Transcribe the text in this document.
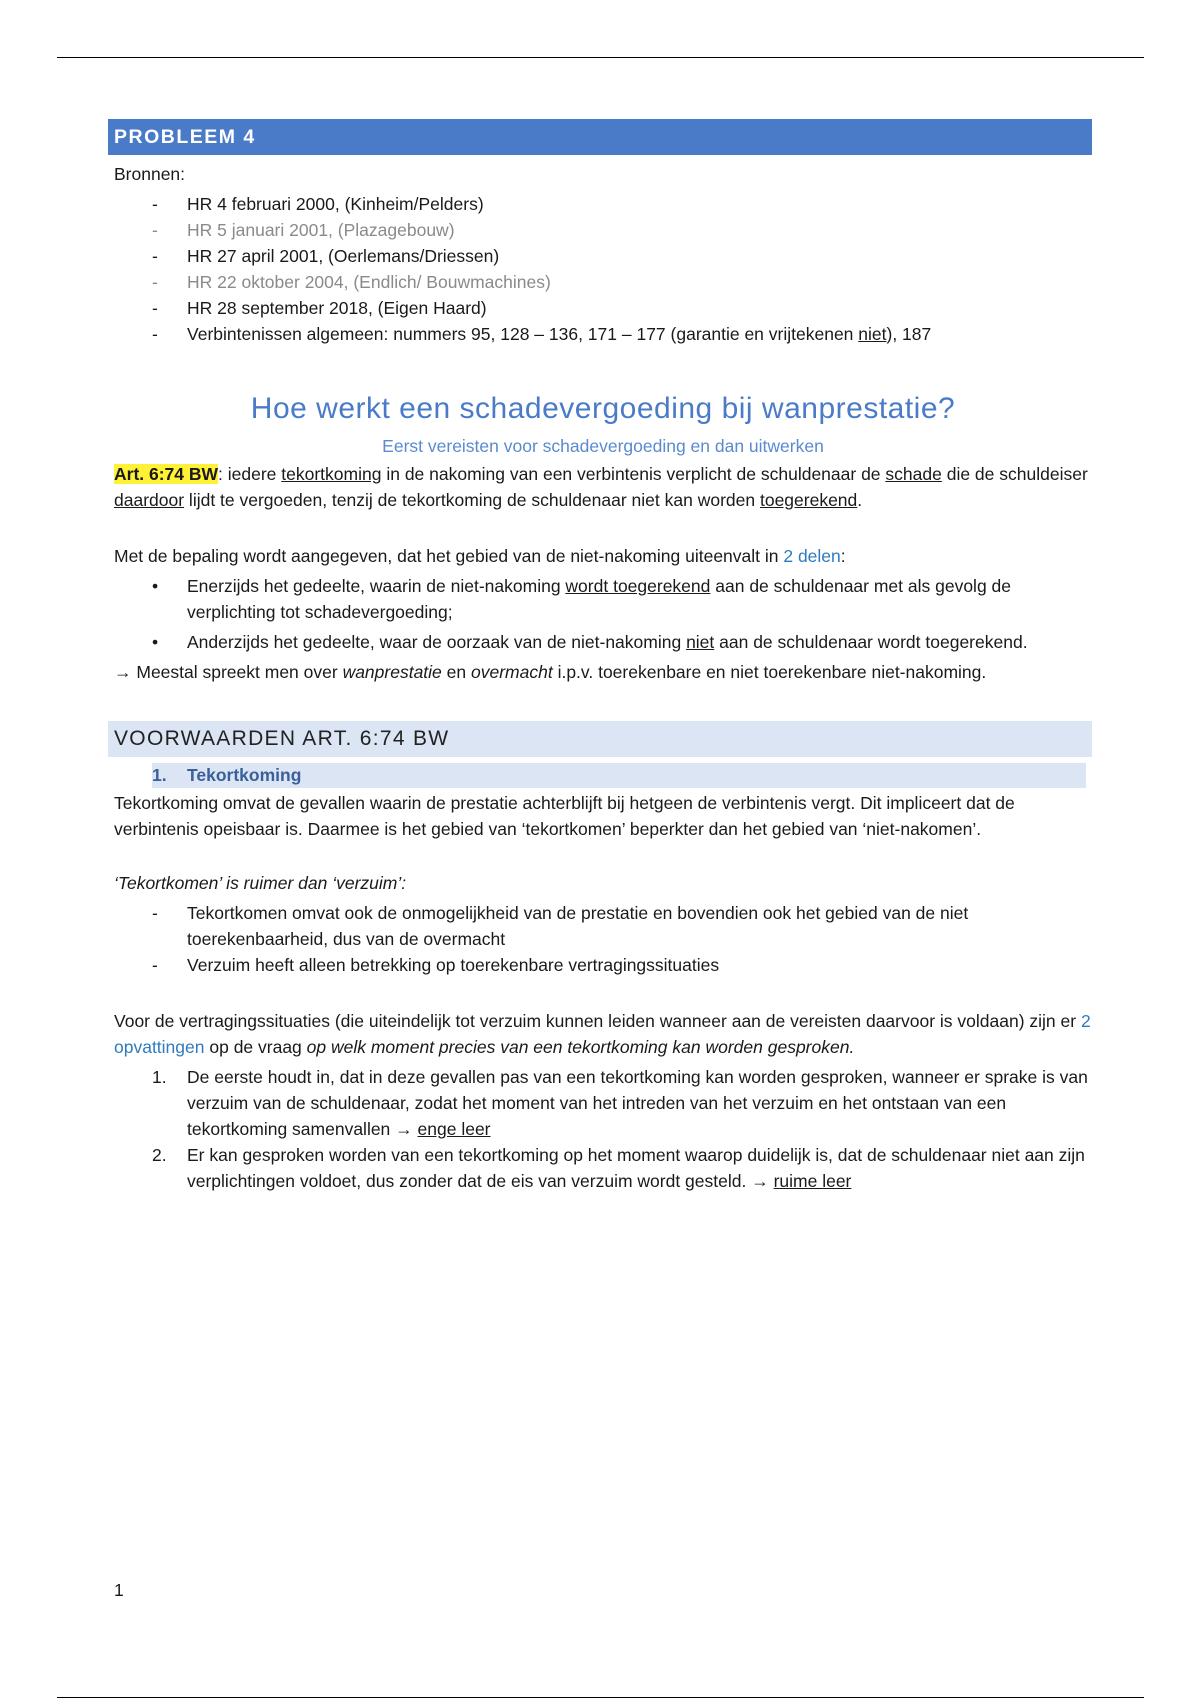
PROBLEEM 4

Bronnen:

- HR 4 februari 2000, (Kinheim/Pelders)
- HR 5 januari 2001, (Plazagebouw)
- HR 27 april 2001, (Oerlemans/Driessen)
- HR 22 oktober 2004, (Endlich/ Bouwmachines)
- HR 28 september 2018, (Eigen Haard)
- Verbintenissen algemeen: nummers 95, 128 – 136, 171 – 177 (garantie en vrijtekenen niet), 187
Hoe werkt een schadevergoeding bij wanprestatie?
Eerst vereisten voor schadevergoeding en dan uitwerken

Art. 6:74 BW: iedere tekortkoming in de nakoming van een verbintenis verplicht de schuldenaar de schade die de schuldeiser daardoor lijdt te vergoeden, tenzij de tekortkoming de schuldenaar niet kan worden toegerekend.

Met de bepaling wordt aangegeven, dat het gebied van de niet-nakoming uiteenvalt in 2 delen:

• Enerzijds het gedeelte, waarin de niet-nakoming wordt toegerekend aan de schuldenaar met als gevolg de verplichting tot schadevergoeding;
• Anderzijds het gedeelte, waar de oorzaak van de niet-nakoming niet aan de schuldenaar wordt toegerekend.

→ Meestal spreekt men over wanprestatie en overmacht i.p.v. toerekenbare en niet toerekenbare niet-nakoming.

VOORWAARDEN ART. 6:74 BW
1. Tekortkoming

Tekortkoming omvat de gevallen waarin de prestatie achterblijft bij hetgeen de verbintenis vergt. Dit impliceert dat de verbintenis opeisbaar is. Daarmee is het gebied van ‘tekortkomen’ beperkter dan het gebied van ‘niet-nakomen’.

‘Tekortkomen’ is ruimer dan ‘verzuim’:

- Tekortkomen omvat ook de onmogelijkheid van de prestatie en bovendien ook het gebied van de niet toerekenbaarheid, dus van de overmacht
- Verzuim heeft alleen betrekking op toerekenbare vertragingssituaties

Voor de vertragingssituaties (die uiteindelijk tot verzuim kunnen leiden wanneer aan de vereisten daarvoor is voldaan) zijn er 2 opvattingen op de vraag op welk moment precies van een tekortkoming kan worden gesproken.

1. De eerste houdt in, dat in deze gevallen pas van een tekortkoming kan worden gesproken, wanneer er sprake is van verzuim van de schuldenaar, zodat het moment van het intreden van het verzuim en het ontstaan van een tekortkoming samenvallen → enge leer
2. Er kan gesproken worden van een tekortkoming op het moment waarop duidelijk is, dat de schuldenaar niet aan zijn verplichtingen voldoet, dus zonder dat de eis van verzuim wordt gesteld. → ruime leer
1
